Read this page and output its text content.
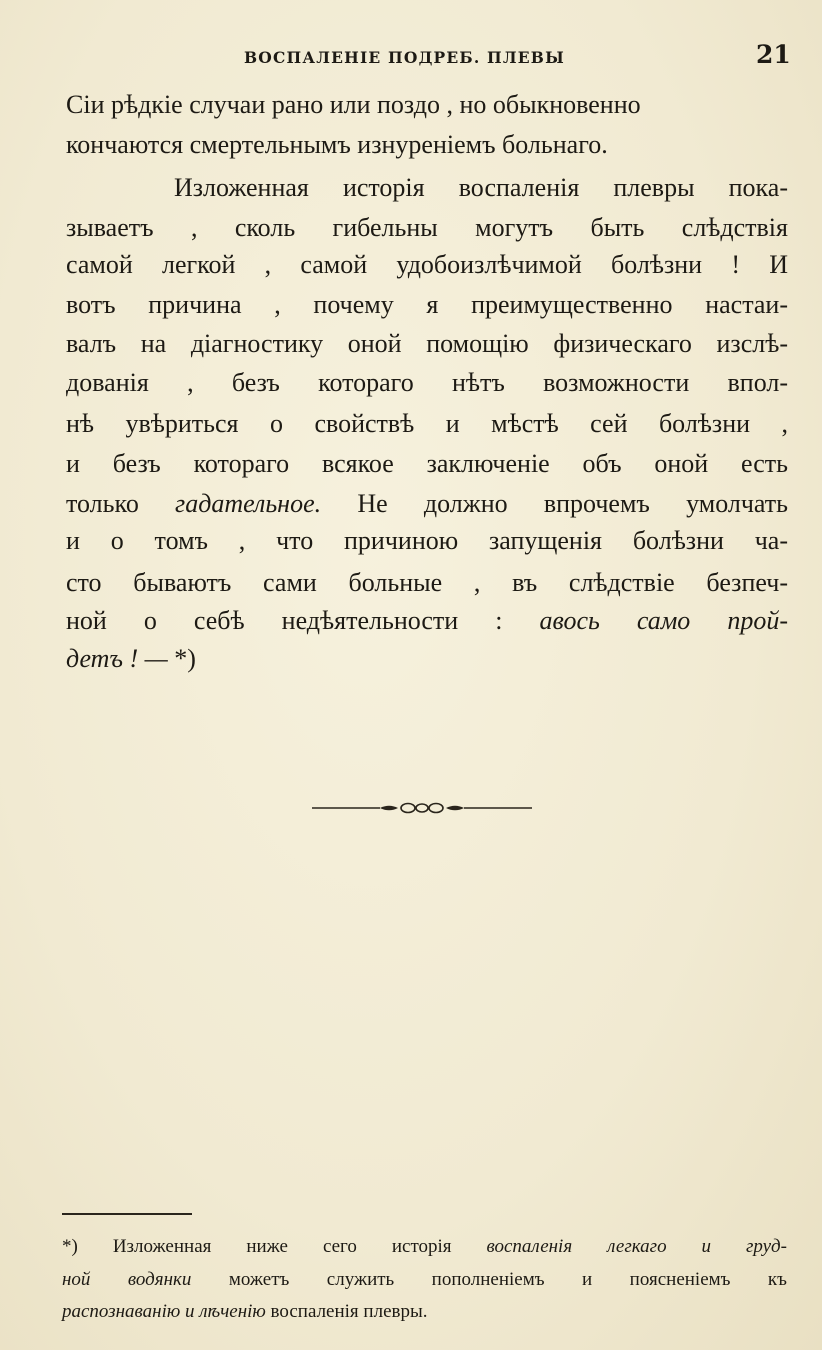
ВОСПАЛЕНIЕ ПОДРЕБ. ПЛЕВЫ	21
Сiи рѣдкiе случаи рано или поздо , но обыкновенно
кончаются смертельнымъ изнуренiемъ больнаго.
Изложенная исторiя воспаленiя плевры пока-
зываетъ , сколь гибельны могутъ быть слѣдствiя
самой легкой , самой удобоизлѣчимой болѣзни ! И
вотъ причина , почему я преимущественно настаи-
валъ на дiагностику оной помощiю физическаго изслѣ-
дованiя , безъ котораго нѣтъ возможности впол-
нѣ увѣриться о свойствѣ и мѣстѣ сей болѣзни ,
и безъ котораго всякое заключенiе объ оной есть
только гадательное. Не должно впрочемъ умолчать
и о томъ , что причиною запущенiя болѣзни ча-
сто бываютъ сами больные , въ слѣдствiе безпеч-
ной о себѣ недѣятельности : авось само прой-
детъ ! — *)
*) Изложенная ниже сего исторiя воспаленiя легкаго и груд-
ной водянки можетъ служить пополненiемъ и поясненiемъ къ
распознаванiю и лѣченiю воспаленiя плевры.
